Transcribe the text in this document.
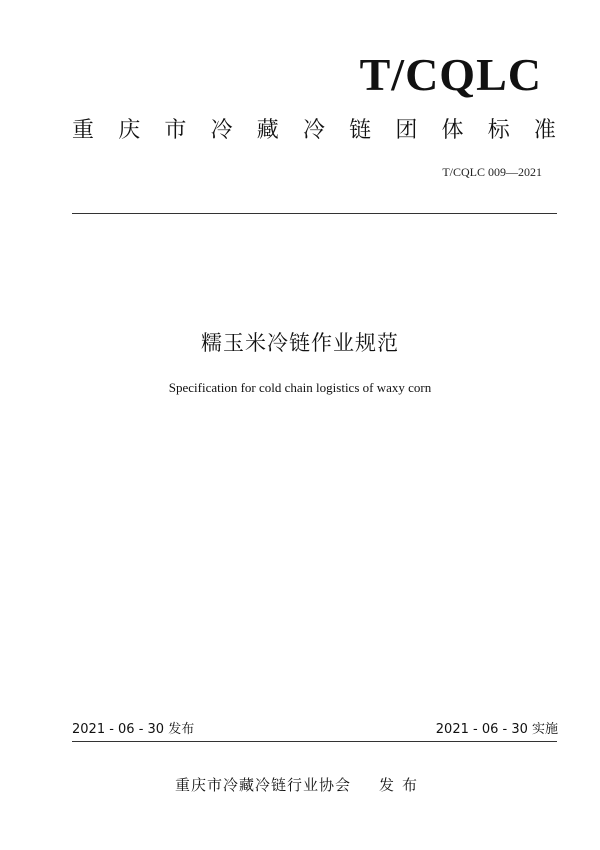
T/CQLC
重 庆 市 冷 藏 冷 链 团 体 标 准
T/CQLC 009—2021
糯玉米冷链作业规范
Specification for cold chain logistics of waxy corn
2021 - 06 - 30 发布	2021 - 06 - 30 实施
重庆市冷藏冷链行业协会 发布
